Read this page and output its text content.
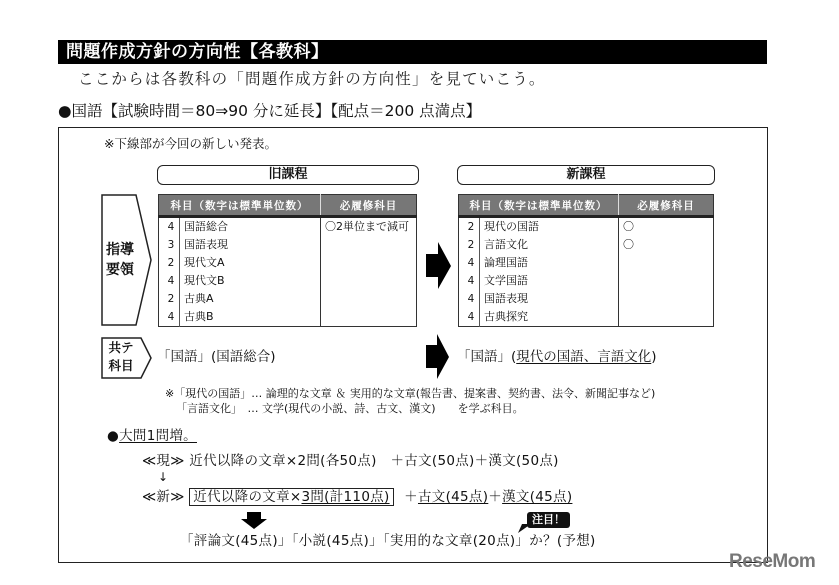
問題作成方針の方向性【各教科】
ここからは各教科の「問題作成方針の方向性」を見ていこう。
●国語【試験時間＝80⇒90 分に延長】【配点＝200 点満点】
※下線部が今回の新しい発表。
指導
要領
旧課程
科目（数字は標準単位数）		必履修科目
4	国語総合	〇2単位まで減可
3	国語表現	
2	現代文A	
4	現代文B	
2	古典A	
4	古典B	
新課程
科目（数字は標準単位数）		必履修科目
2	現代の国語	〇
2	言語文化	〇
4	論理国語	
4	文学国語	
4	国語表現	
4	古典探究	
共テ
科目
「国語」(国語総合)	「国語」(現代の国語、言語文化)
※「現代の国語」… 論理的な文章 ＆ 実用的な文章(報告書、提案書、契約書、法令、新聞記事など)
「言語文化」　… 文学(現代の小説、詩、古文、漢文)　　を学ぶ科目。
●大問1問増。
≪現≫ 近代以降の文章×2問(各50点)　＋古文(50点)＋漢文(50点)
↓
≪新≫ 近代以降の文章×3問(計110点) ＋古文(45点)＋漢文(45点)
注目！
「評論文(45点)」「小説(45点)」「実用的な文章(20点)」か？(予想)
ReseMom
